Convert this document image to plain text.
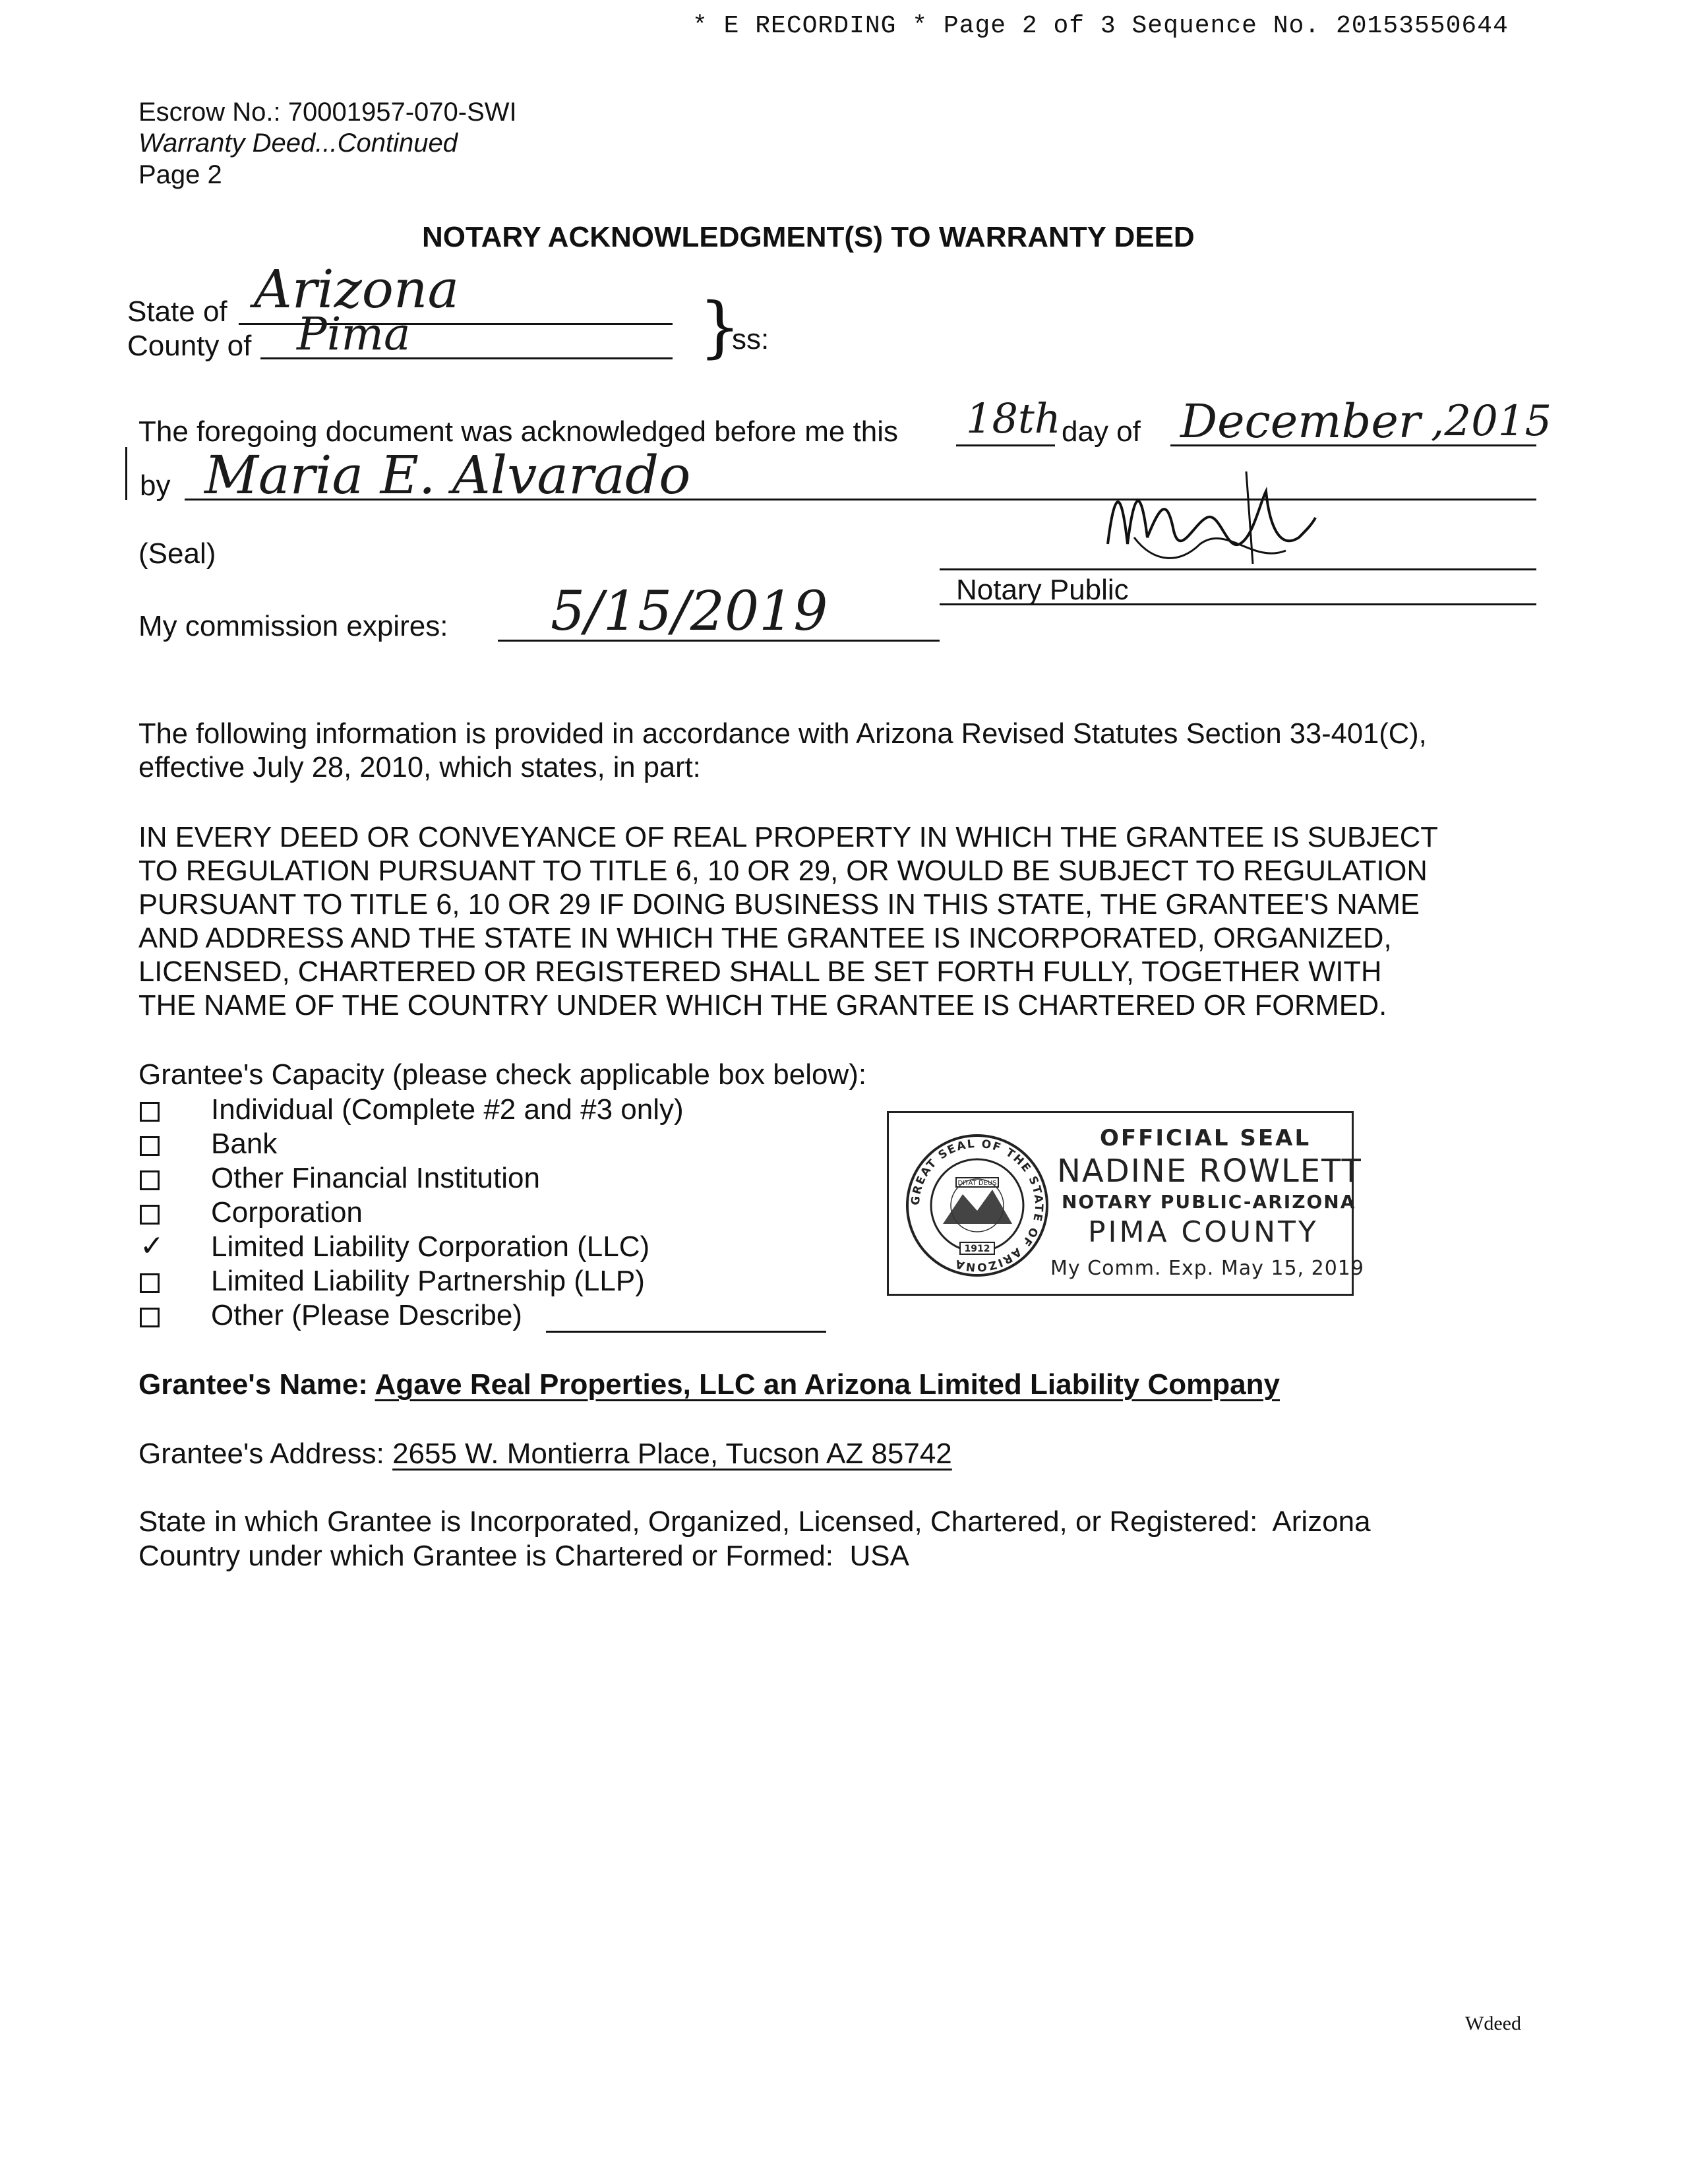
* E RECORDING * Page 2 of 3 Sequence No. 20153550644
Escrow No.: 70001957-070-SWI
Warranty Deed...Continued
Page 2
NOTARY ACKNOWLEDGMENT(S) TO WARRANTY DEED
State of Arizona
County of Pima	}
ss:
The foregoing document was acknowledged before me this 18th day of December ,2015
by Maria E. Alvarado
(Seal)
Notary Public
My commission expires: 5/15/2019
The following information is provided in accordance with Arizona Revised Statutes Section 33-401(C),
effective July 28, 2010, which states, in part:
IN EVERY DEED OR CONVEYANCE OF REAL PROPERTY IN WHICH THE GRANTEE IS SUBJECT
TO REGULATION PURSUANT TO TITLE 6, 10 OR 29, OR WOULD BE SUBJECT TO REGULATION
PURSUANT TO TITLE 6, 10 OR 29 IF DOING BUSINESS IN THIS STATE, THE GRANTEE'S NAME
AND ADDRESS AND THE STATE IN WHICH THE GRANTEE IS INCORPORATED, ORGANIZED,
LICENSED, CHARTERED OR REGISTERED SHALL BE SET FORTH FULLY, TOGETHER WITH
THE NAME OF THE COUNTRY UNDER WHICH THE GRANTEE IS CHARTERED OR FORMED.
Grantee's Capacity (please check applicable box below):
Individual (Complete #2 and #3 only)
Bank
Other Financial Institution
Corporation
✓ Limited Liability Corporation (LLC)
Limited Liability Partnership (LLP)
Other (Please Describe)
GREAT SEAL OF THE STATE OF ARIZONA
DITAT DEUS
1912
OFFICIAL SEAL
NADINE ROWLETT
NOTARY PUBLIC-ARIZONA
PIMA COUNTY
My Comm. Exp. May 15, 2019
Grantee's Name: Agave Real Properties, LLC an Arizona Limited Liability Company
Grantee's Address: 2655 W. Montierra Place, Tucson AZ 85742
State in which Grantee is Incorporated, Organized, Licensed, Chartered, or Registered: Arizona
Country under which Grantee is Chartered or Formed: USA
Wdeed
